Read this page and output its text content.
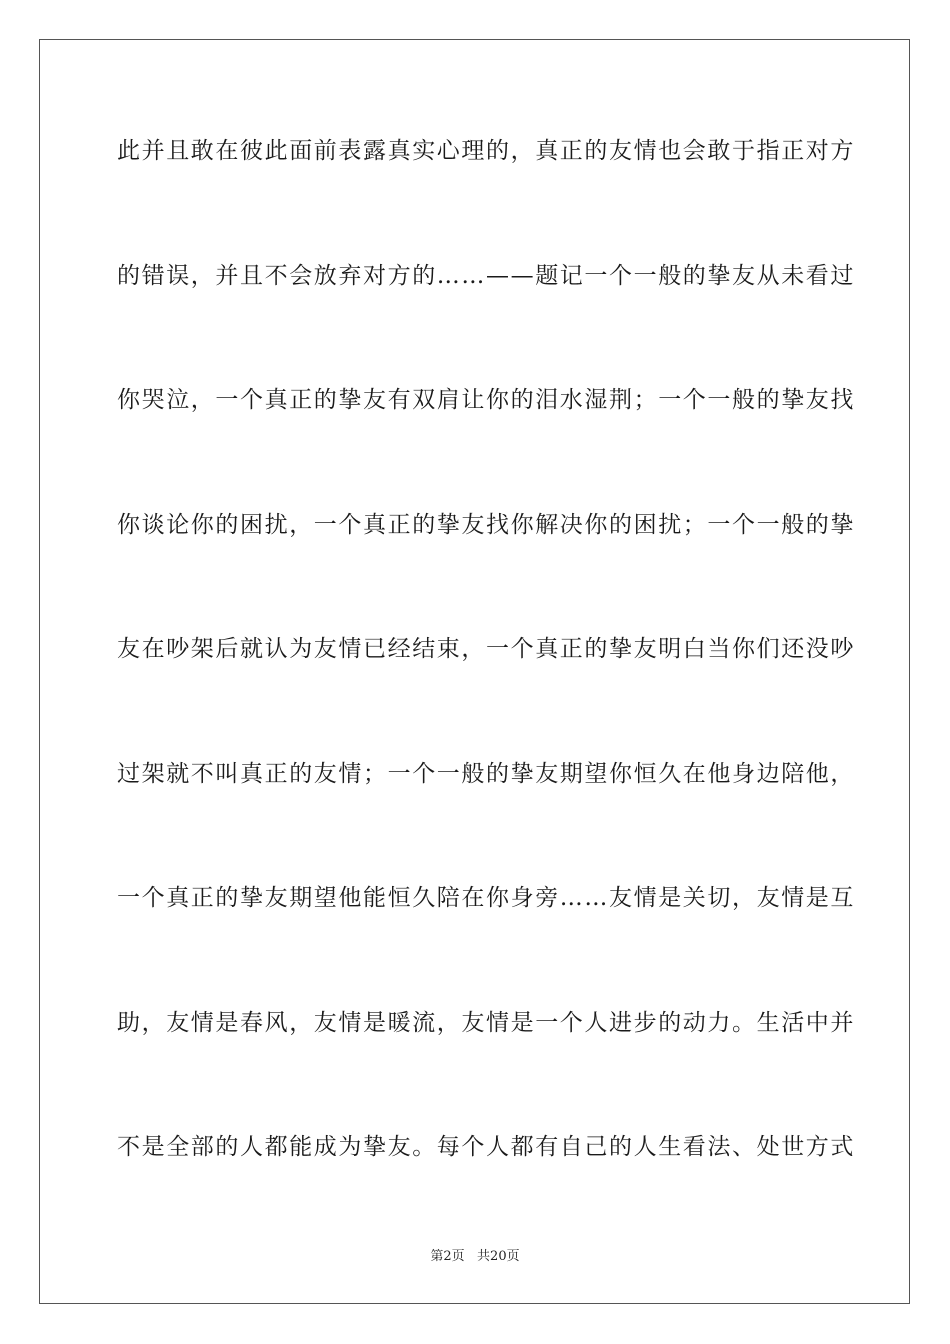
此并且敢在彼此面前表露真实心理的，真正的友情也会敢于指正对方
的错误，并且不会放弃对方的……——题记一个一般的挚友从未看过
你哭泣，一个真正的挚友有双肩让你的泪水湿荆；一个一般的挚友找
你谈论你的困扰，一个真正的挚友找你解决你的困扰；一个一般的挚
友在吵架后就认为友情已经结束，一个真正的挚友明白当你们还没吵
过架就不叫真正的友情；一个一般的挚友期望你恒久在他身边陪他，
一个真正的挚友期望他能恒久陪在你身旁……友情是关切，友情是互
助，友情是春风，友情是暖流，友情是一个人进步的动力。生活中并
不是全部的人都能成为挚友。每个人都有自己的人生看法、处世方式
第2页   共20页
